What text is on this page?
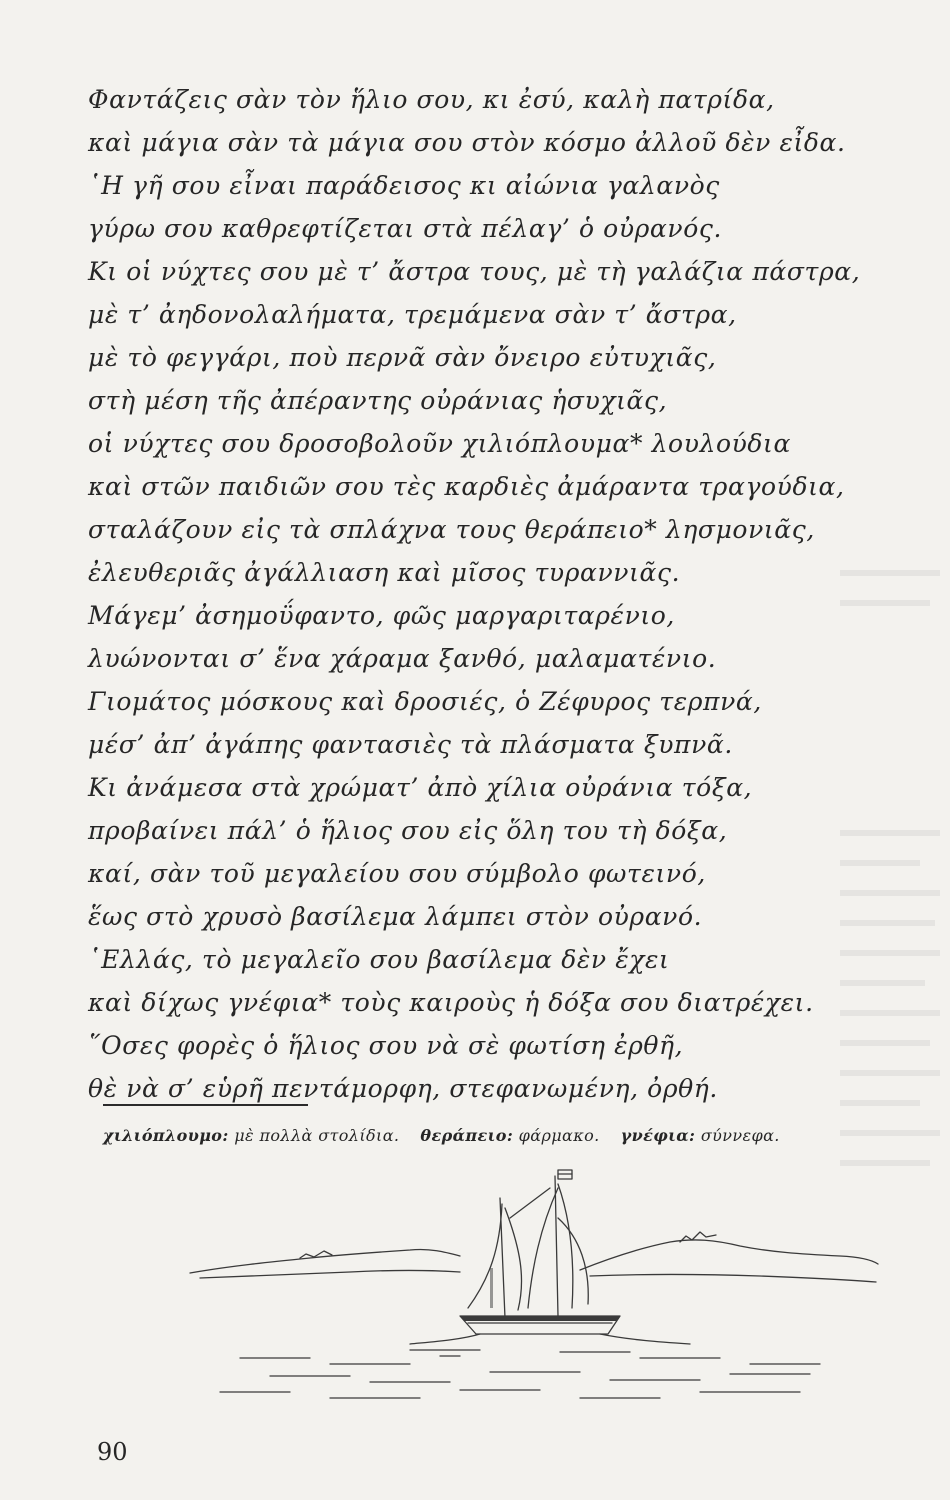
Φαντάζεις σὰν τὸν ἥλιο σου, κι ἐσύ, καλὴ πατρίδα,
καὶ μάγια σὰν τὰ μάγια σου στὸν κόσμο ἀλλοῦ δὲν εἶδα.
῾Η γῆ σου εἶναι παράδεισος κι αἰώνια γαλανὸς
γύρω σου καθρεφτίζεται στὰ πέλαγ’ ὁ οὐρανός.
Κι οἱ νύχτες σου μὲ τ’ ἄστρα τους, μὲ τὴ γαλάζια πάστρα,
μὲ τ’ ἀηδονολαλήματα, τρεμάμενα σὰν τ’ ἄστρα,
μὲ τὸ φεγγάρι, ποὺ περνᾶ σὰν ὄνειρο εὐτυχιᾶς,
στὴ μέση τῆς ἀπέραντης οὐράνιας ἡσυχιᾶς,
οἱ νύχτες σου δροσοβολοῦν χιλιόπλουμα* λουλούδια
καὶ στῶν παιδιῶν σου τὲς καρδιὲς ἀμάραντα τραγούδια,
σταλάζουν εἰς τὰ σπλάχνα τους θεράπειο* λησμονιᾶς,
ἐλευθεριᾶς ἀγάλλιαση καὶ μῖσος τυραννιᾶς.
Μάγεμ’ ἀσημοΰφαντο, φῶς μαργαριταρένιο,
λυώνονται σ’ ἕνα χάραμα ξανθό, μαλαματένιο.
Γιομάτος μόσκους καὶ δροσιές, ὁ Ζέφυρος τερπνά,
μέσ’ ἀπ’ ἀγάπης φαντασιὲς τὰ πλάσματα ξυπνᾶ.
Κι ἀνάμεσα στὰ χρώματ’ ἀπὸ χίλια οὐράνια τόξα,
προβαίνει πάλ’ ὁ ἥλιος σου εἰς ὅλη του τὴ δόξα,
καί, σὰν τοῦ μεγαλείου σου σύμβολο φωτεινό,
ἕως στὸ χρυσὸ βασίλεμα λάμπει στὸν οὐρανό.
῾Ελλάς, τὸ μεγαλεῖο σου βασίλεμα δὲν ἔχει
καὶ δίχως γνέφια* τοὺς καιροὺς ἡ δόξα σου διατρέχει.
῞Οσες φορὲς ὁ ἥλιος σου νὰ σὲ φωτίση ἐρθῆ,
θὲ νὰ σ’ εὑρῆ πεντάμορφη, στεφανωμένη, ὀρθή.
χιλιόπλουμο: μὲ πολλὰ στολίδια. θεράπειο: φάρμακο. γνέφια: σύννεφα.
90
